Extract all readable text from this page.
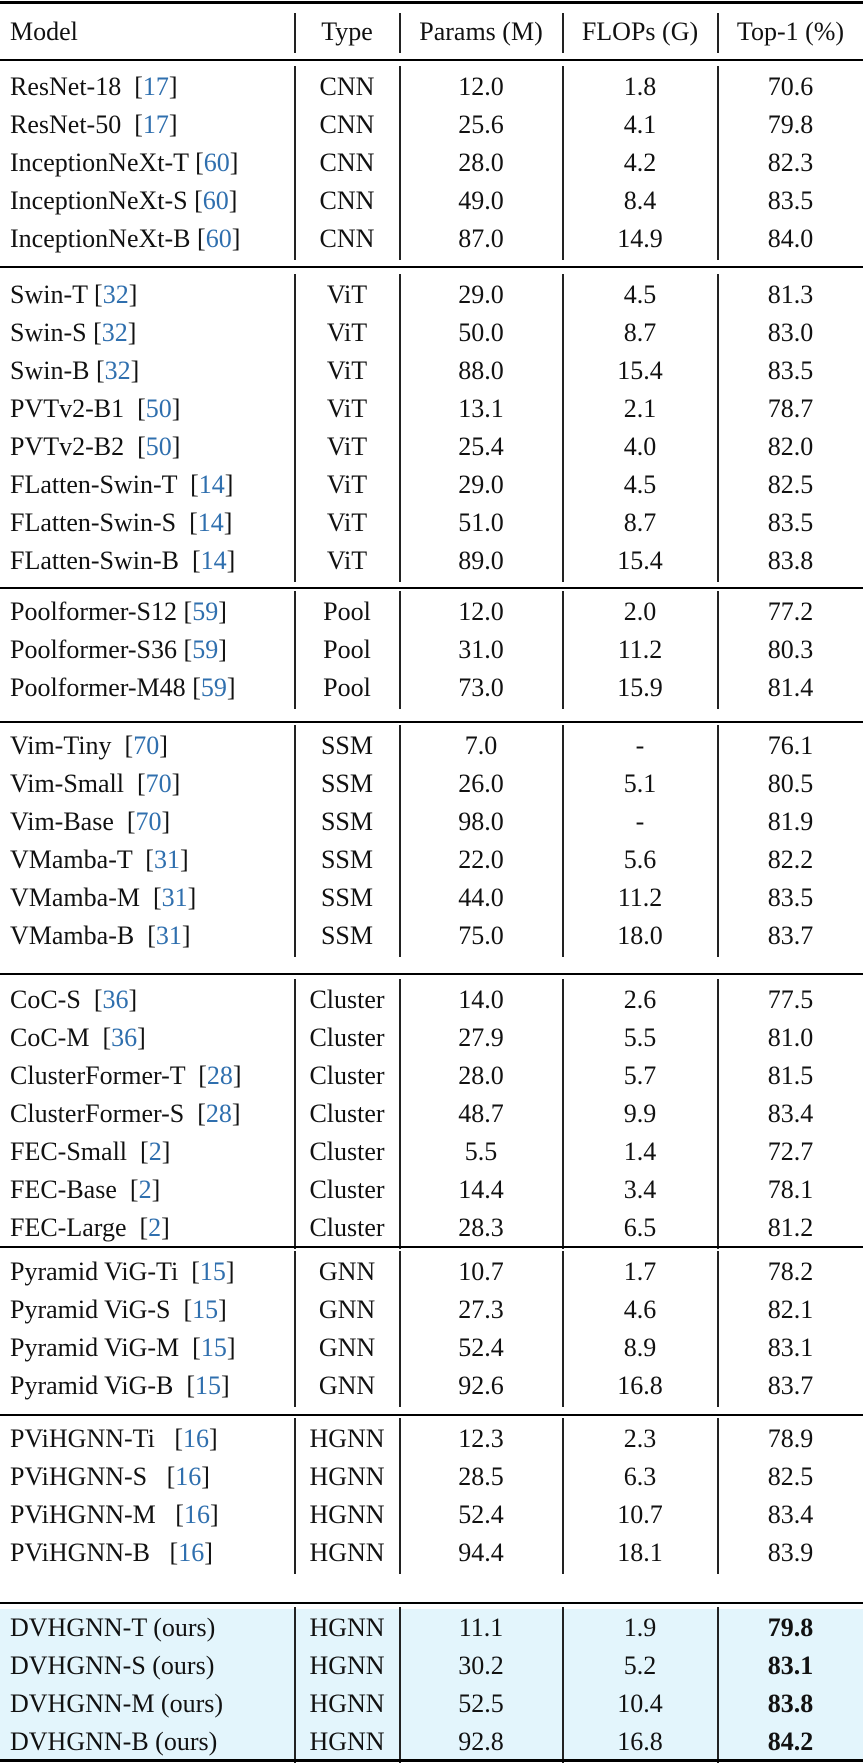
Model	Type	Params (M)	FLOPs (G)	Top-1 (%)
ResNet-18  [17]	CNN	12.0	1.8	70.6
ResNet-50  [17]	CNN	25.6	4.1	79.8
InceptionNeXt-T [60]	CNN	28.0	4.2	82.3
InceptionNeXt-S [60]	CNN	49.0	8.4	83.5
InceptionNeXt-B [60]	CNN	87.0	14.9	84.0
Swin-T [32]	ViT	29.0	4.5	81.3
Swin-S [32]	ViT	50.0	8.7	83.0
Swin-B [32]	ViT	88.0	15.4	83.5
PVTv2-B1  [50]	ViT	13.1	2.1	78.7
PVTv2-B2  [50]	ViT	25.4	4.0	82.0
FLatten-Swin-T  [14]	ViT	29.0	4.5	82.5
FLatten-Swin-S  [14]	ViT	51.0	8.7	83.5
FLatten-Swin-B  [14]	ViT	89.0	15.4	83.8
Poolformer-S12 [59]	Pool	12.0	2.0	77.2
Poolformer-S36 [59]	Pool	31.0	11.2	80.3
Poolformer-M48 [59]	Pool	73.0	15.9	81.4
Vim-Tiny  [70]	SSM	7.0	-	76.1
Vim-Small  [70]	SSM	26.0	5.1	80.5
Vim-Base  [70]	SSM	98.0	-	81.9
VMamba-T  [31]	SSM	22.0	5.6	82.2
VMamba-M  [31]	SSM	44.0	11.2	83.5
VMamba-B  [31]	SSM	75.0	18.0	83.7
CoC-S  [36]	Cluster	14.0	2.6	77.5
CoC-M  [36]	Cluster	27.9	5.5	81.0
ClusterFormer-T  [28]	Cluster	28.0	5.7	81.5
ClusterFormer-S  [28]	Cluster	48.7	9.9	83.4
FEC-Small  [2]	Cluster	5.5	1.4	72.7
FEC-Base  [2]	Cluster	14.4	3.4	78.1
FEC-Large  [2]	Cluster	28.3	6.5	81.2
Pyramid ViG-Ti  [15]	GNN	10.7	1.7	78.2
Pyramid ViG-S  [15]	GNN	27.3	4.6	82.1
Pyramid ViG-M  [15]	GNN	52.4	8.9	83.1
Pyramid ViG-B  [15]	GNN	92.6	16.8	83.7
PViHGNN-Ti   [16]	HGNN	12.3	2.3	78.9
PViHGNN-S   [16]	HGNN	28.5	6.3	82.5
PViHGNN-M   [16]	HGNN	52.4	10.7	83.4
PViHGNN-B   [16]	HGNN	94.4	18.1	83.9
DVHGNN-T (ours)	HGNN	11.1	1.9	79.8
DVHGNN-S (ours)	HGNN	30.2	5.2	83.1
DVHGNN-M (ours)	HGNN	52.5	10.4	83.8
DVHGNN-B (ours)	HGNN	92.8	16.8	84.2
